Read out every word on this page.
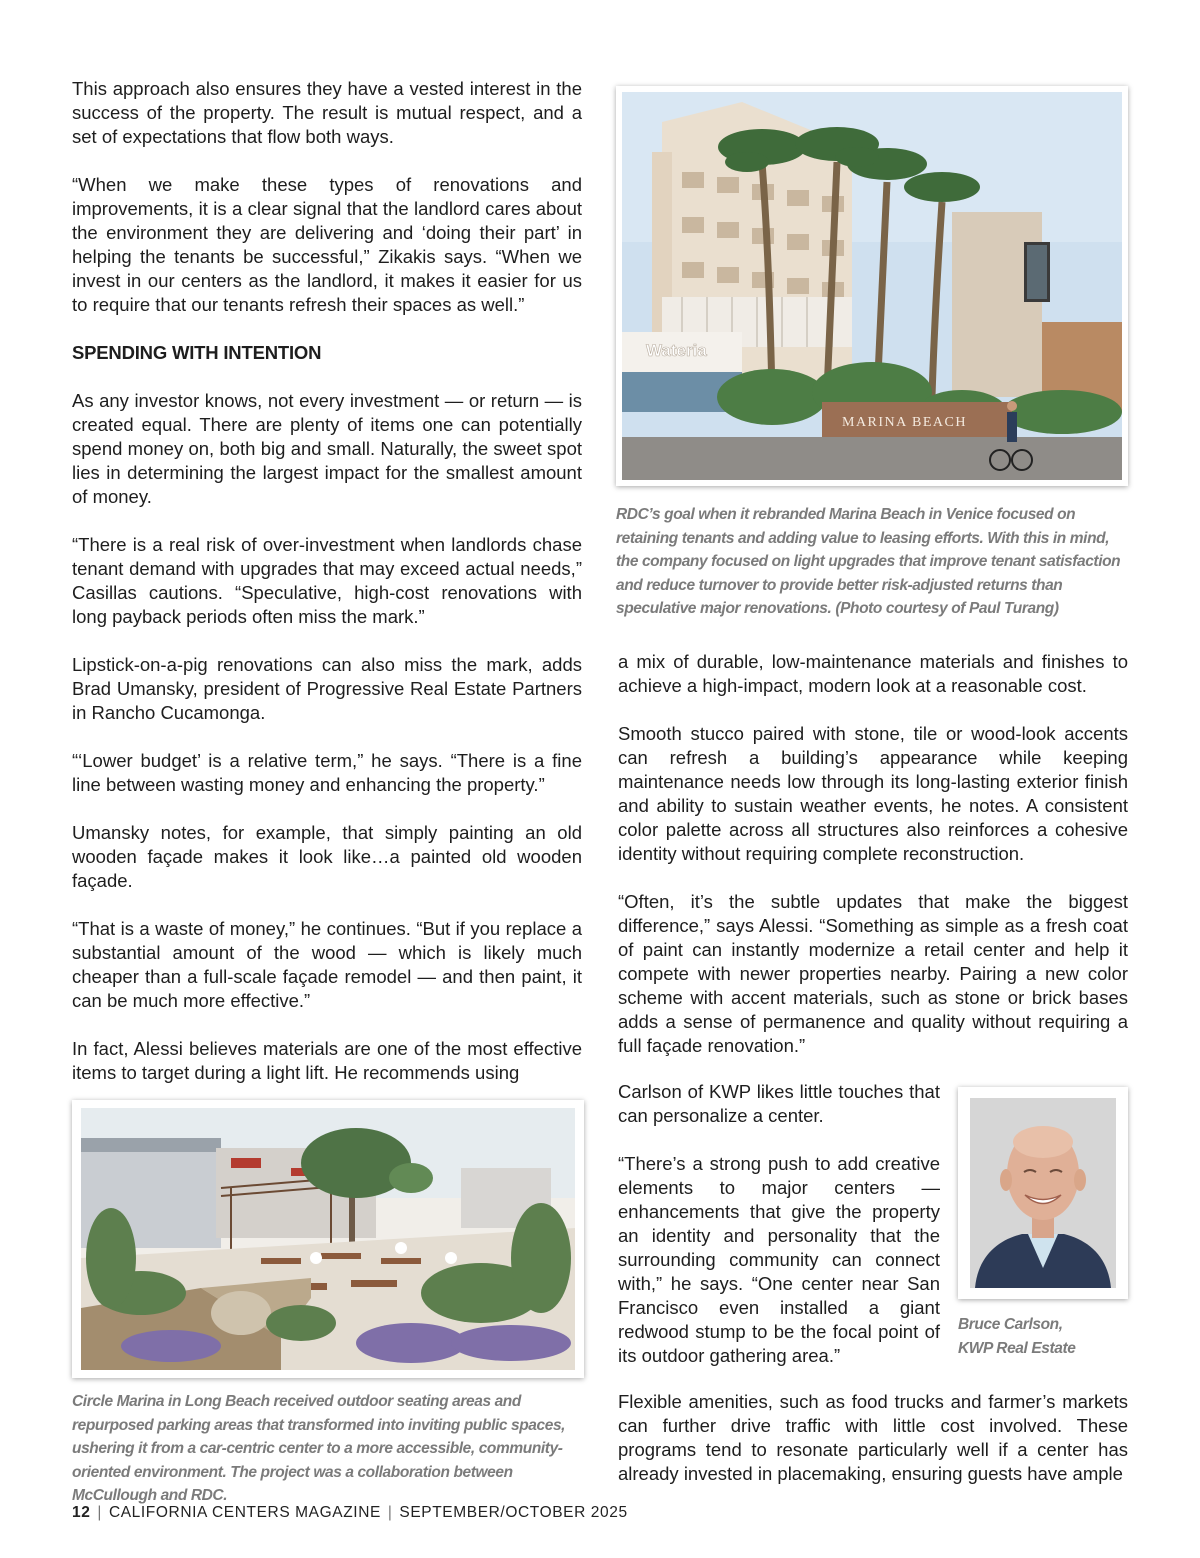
This approach also ensures they have a vested interest in the success of the property. The result is mutual respect, and a set of expectations that flow both ways.

“When we make these types of renovations and improvements, it is a clear signal that the landlord cares about the environment they are delivering and ‘doing their part’ in helping the tenants be successful,” Zikakis says. “When we invest in our centers as the landlord, it makes it easier for us to require that our tenants refresh their spaces as well.”

SPENDING WITH INTENTION

As any investor knows, not every investment — or return — is created equal. There are plenty of items one can potentially spend money on, both big and small. Naturally, the sweet spot lies in determining the largest impact for the smallest amount of money.

“There is a real risk of over-investment when landlords chase tenant demand with upgrades that may exceed actual needs,” Casillas cautions. “Speculative, high-cost renovations with long payback periods often miss the mark.”

Lipstick-on-a-pig renovations can also miss the mark, adds Brad Umansky, president of Progressive Real Estate Partners in Rancho Cucamonga.

“‘Lower budget’ is a relative term,” he says. “There is a fine line between wasting money and enhancing the property.”

Umansky notes, for example, that simply painting an old wooden façade makes it look like…a painted old wooden façade.

“That is a waste of money,” he continues. “But if you replace a substantial amount of the wood — which is likely much cheaper than a full-scale façade remodel — and then paint, it can be much more effective.”

In fact, Alessi believes materials are one of the most effective items to target during a light lift. He recommends using

Wateria
MARINA BEACH
RDC’s goal when it rebranded Marina Beach in Venice focused on retaining tenants and adding value to leasing efforts. With this in mind, the company focused on light upgrades that improve tenant satisfaction and reduce turnover to provide better risk-adjusted returns than speculative major renovations. (Photo courtesy of Paul Turang)

a mix of durable, low-maintenance materials and finishes to achieve a high-impact, modern look at a reasonable cost.

Smooth stucco paired with stone, tile or wood-look accents can refresh a building’s appearance while keeping maintenance needs low through its long-lasting exterior finish and ability to sustain weather events, he notes. A consistent color palette across all structures also reinforces a cohesive identity without requiring complete reconstruction.

“Often, it’s the subtle updates that make the biggest difference,” says Alessi. “Something as simple as a fresh coat of paint can instantly modernize a retail center and help it compete with newer properties nearby. Pairing a new color scheme with accent materials, such as stone or brick bases adds a sense of permanence and quality without requiring a full façade renovation.”

Carlson of KWP likes little touches that can personalize a center.

“There’s a strong push to add creative elements to major centers — enhancements that give the property an identity and personality that the surrounding community can connect with,” he says. “One center near San Francisco even installed a giant redwood stump to be the focal point of its outdoor gathering area.”

Bruce Carlson,
KWP Real Estate

Flexible amenities, such as food trucks and farmer’s markets can further drive traffic with little cost involved. These programs tend to resonate particularly well if a center has already invested in placemaking, ensuring guests have ample

Circle Marina in Long Beach received outdoor seating areas and repurposed parking areas that transformed into inviting public spaces, ushering it from a car-centric center to a more accessible, community-oriented environment. The project was a collaboration between McCullough and RDC.
12 | CALIFORNIA CENTERS MAGAZINE | SEPTEMBER/OCTOBER 2025
